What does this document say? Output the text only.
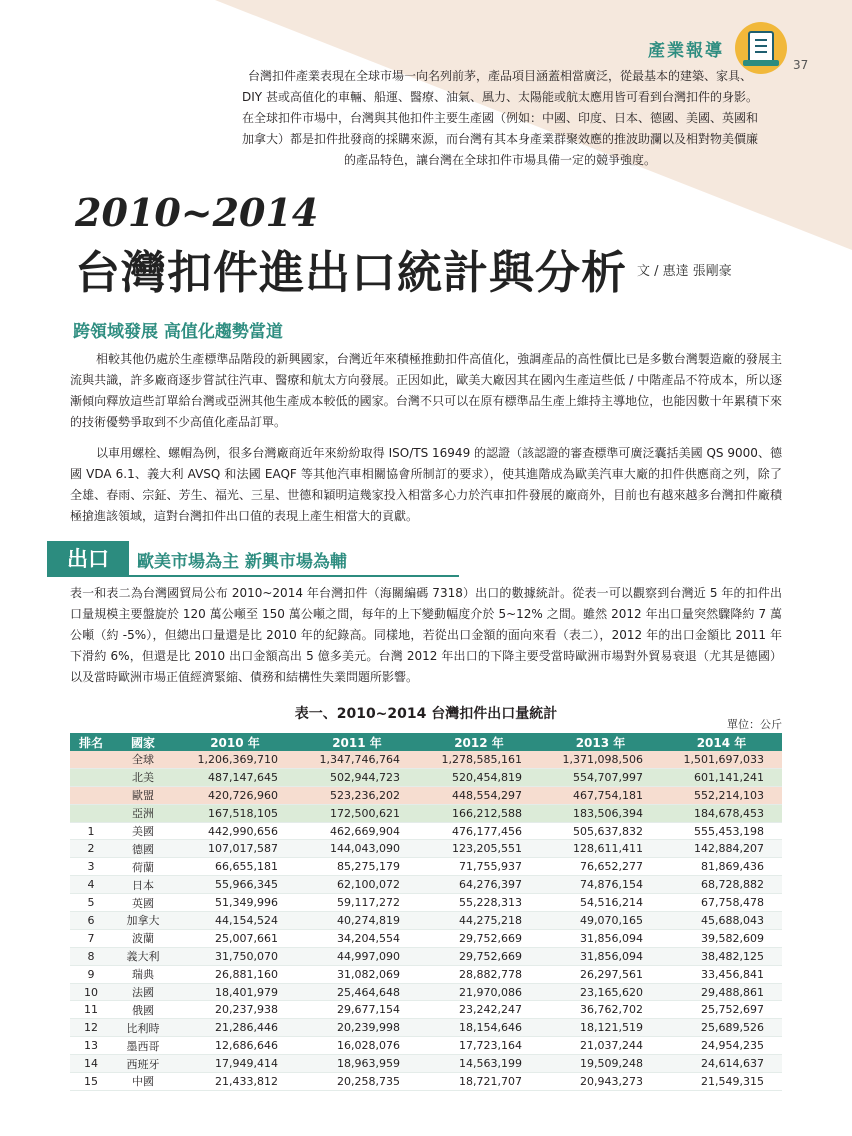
產業報導
37

台灣扣件產業表現在全球市場一向名列前茅，產品項目涵蓋相當廣泛，從最基本的建築、家具、DIY 甚或高值化的車輛、船運、醫療、油氣、風力、太陽能或航太應用皆可看到台灣扣件的身影。在全球扣件市場中，台灣與其他扣件主要生產國（例如：中國、印度、日本、德國、美國、英國和加拿大）都是扣件批發商的採購來源，而台灣有其本身產業群聚效應的推波助瀾以及相對物美價廉的產品特色，讓台灣在全球扣件市場具備一定的競爭強度。

2010~2014
台灣扣件進出口統計與分析 文 / 惠達 張剛豪
跨領域發展 高值化趨勢當道

相較其他仍處於生產標準品階段的新興國家，台灣近年來積極推動扣件高值化，強調產品的高性價比已是多數台灣製造廠的發展主流與共識，許多廠商逐步嘗試往汽車、醫療和航太方向發展。正因如此，歐美大廠因其在國內生產這些低 / 中階產品不符成本，所以逐漸傾向釋放這些訂單給台灣或亞洲其他生產成本較低的國家。台灣不只可以在原有標準品生產上維持主導地位，也能因數十年累積下來的技術優勢爭取到不少高值化產品訂單。

以車用螺栓、螺帽為例，很多台灣廠商近年來紛紛取得 ISO/TS 16949 的認證（該認證的審查標準可廣泛囊括美國 QS 9000、德國 VDA 6.1、義大利 AVSQ 和法國 EAQF 等其他汽車相關協會所制訂的要求），使其進階成為歐美汽車大廠的扣件供應商之列，除了全雄、春雨、宗鉦、芳生、福光、三星、世德和穎明這幾家投入相當多心力於汽車扣件發展的廠商外，目前也有越來越多台灣扣件廠積極搶進該領域，這對台灣扣件出口值的表現上產生相當大的貢獻。

出口	歐美市場為主 新興市場為輔

表一和表二為台灣國貿局公布 2010~2014 年台灣扣件（海關編碼 7318）出口的數據統計。從表一可以觀察到台灣近 5 年的扣件出口量規模主要盤旋於 120 萬公噸至 150 萬公噸之間，每年的上下變動幅度介於 5~12% 之間。雖然 2012 年出口量突然驟降約 7 萬公噸（約 -5%），但總出口量還是比 2010 年的紀錄高。同樣地，若從出口金額的面向來看（表二），2012 年的出口金額比 2011 年下滑約 6%，但還是比 2010 出口金額高出 5 億多美元。台灣 2012 年出口的下降主要受當時歐洲市場對外貿易衰退（尤其是德國）以及當時歐洲市場正值經濟緊縮、債務和結構性失業問題所影響。

表一、2010~2014 台灣扣件出口量統計
單位：公斤
排名	國家	2010 年	2011 年	2012 年	2013 年	2014 年
	全球	1,206,369,710	1,347,746,764	1,278,585,161	1,371,098,506	1,501,697,033
	北美	487,147,645	502,944,723	520,454,819	554,707,997	601,141,241
	歐盟	420,726,960	523,236,202	448,554,297	467,754,181	552,214,103
	亞洲	167,518,105	172,500,621	166,212,588	183,506,394	184,678,453
1	美國	442,990,656	462,669,904	476,177,456	505,637,832	555,453,198
2	德國	107,017,587	144,043,090	123,205,551	128,611,411	142,884,207
3	荷蘭	66,655,181	85,275,179	71,755,937	76,652,277	81,869,436
4	日本	55,966,345	62,100,072	64,276,397	74,876,154	68,728,882
5	英國	51,349,996	59,117,272	55,228,313	54,516,214	67,758,478
6	加拿大	44,154,524	40,274,819	44,275,218	49,070,165	45,688,043
7	波蘭	25,007,661	34,204,554	29,752,669	31,856,094	39,582,609
8	義大利	31,750,070	44,997,090	29,752,669	31,856,094	38,482,125
9	瑞典	26,881,160	31,082,069	28,882,778	26,297,561	33,456,841
10	法國	18,401,979	25,464,648	21,970,086	23,165,620	29,488,861
11	俄國	20,237,938	29,677,154	23,242,247	36,762,702	25,752,697
12	比利時	21,286,446	20,239,998	18,154,646	18,121,519	25,689,526
13	墨西哥	12,686,646	16,028,076	17,723,164	21,037,244	24,954,235
14	西班牙	17,949,414	18,963,959	14,563,199	19,509,248	24,614,637
15	中國	21,433,812	20,258,735	18,721,707	20,943,273	21,549,315
